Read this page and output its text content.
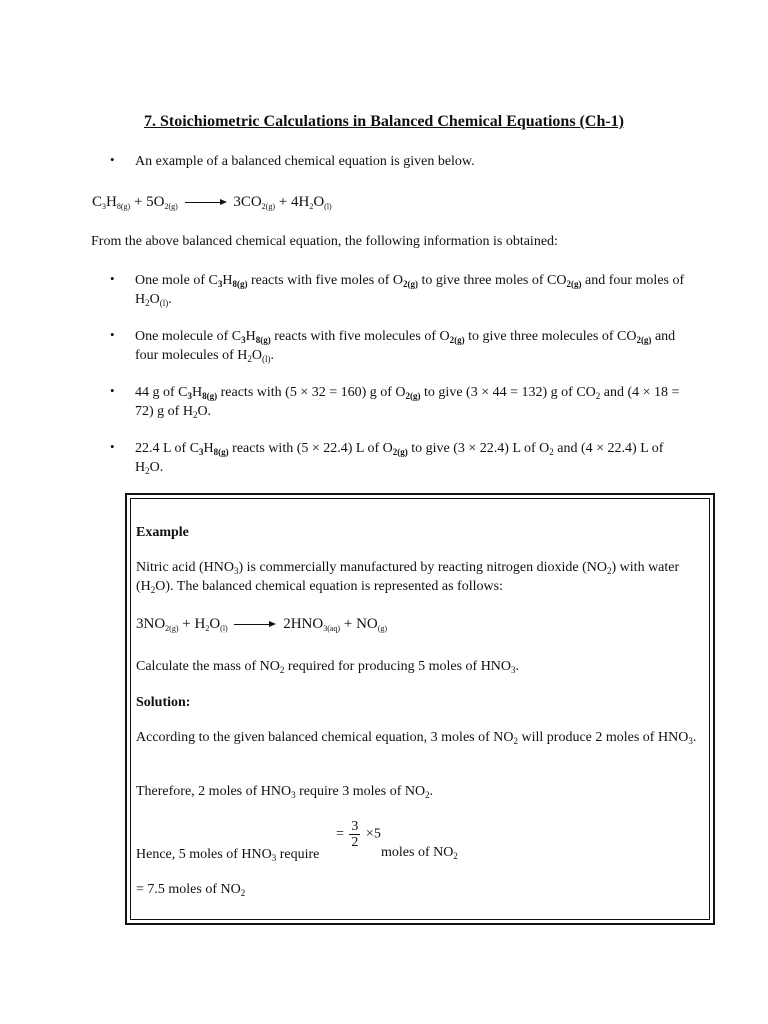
7. Stoichiometric Calculations in Balanced Chemical Equations (Ch-1)
• An example of a balanced chemical equation is given below.
$C_3H_{8(g)} + 5O_{2(g)}$	$3CO_{2(g)} + 4H_2O_{(l)}$
From the above balanced chemical equation, the following information is obtained:
• One mole of $C_3H_{8(g)}$ reacts with five moles of $O_{2(g)}$ to give three moles of $CO_{2(g)}$ and four moles of $H_2O_{(l)}$.
• One molecule of $C_3H_{8(g)}$ reacts with five molecules of $O_{2(g)}$ to give three molecules of $CO_{2(g)}$ and four molecules of $H_2O_{(l)}$.
• 44 g of $C_3H_{8(g)}$ reacts with (5 × 32 = 160) g of $O_{2(g)}$ to give (3 × 44 = 132) g of $CO_2$ and (4 × 18 = 72) g of $H_2O$.
• 22.4 L of $C_3H_{8(g)}$ reacts with (5 × 22.4) L of $O_{2(g)}$ to give (3 × 22.4) L of $O_2$ and (4 × 22.4) L of $H_2O$.
Example
Nitric acid $(HNO_3)$ is commercially manufactured by reacting nitrogen dioxide $(NO_2)$ with water $(H_2O)$. The balanced chemical equation is represented as follows:
$3NO_{2(g)} + H_2O_{(l)}$	$2HNO_{3(aq)} + NO_{(g)}$
Calculate the mass of $NO_2$ required for producing 5 moles of $HNO_3$.
Solution:
According to the given balanced chemical equation, 3 moles of $NO_2$ will produce 2 moles of $HNO_3$.
Therefore, 2 moles of $HNO_3$ require 3 moles of $NO_2$.
Hence, 5 moles of $HNO_3$ require
= $\frac{3}{2} \times 5$
moles of $NO_2$
= 7.5 moles of $NO_2$
